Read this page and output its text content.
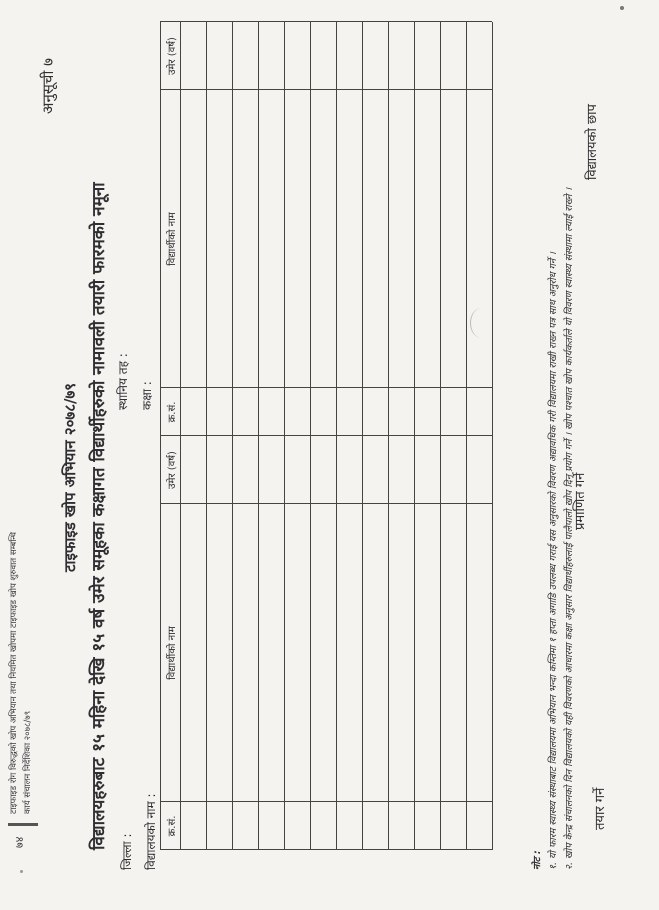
७४
टाइफाइड रोग विरुद्धको खोप अभियान तथा नियमित खोपमा टाइफाइड खोप शुरुवात सम्बन्धि कार्य संचालन निर्देशिका २०७८/७९
अनुसूची ७
टाइफाइड खोप अभियान २०७८/७९ विद्यालयहरुबाट १५ महिना देखि १५ वर्ष उमेर समूहका कक्षागत विद्यार्थीहरुको नामावली तयारी फारमको नमूना
जिल्ला :
स्थानिय तह :
विद्यालयको नाम :
कक्षा :
क्र.सं.
विद्यार्थीको नाम
उमेर (वर्ष)
क्र.सं.
विद्यार्थीको नाम
उमेर (वर्ष)
नोट : १. यो फारम स्वास्थ्य संस्थाबाट विद्यालयमा अभियान भन्दा कम्तिमा १ हप्ता अगाडि उपलब्ध गराई यस अनुसारको विवरण अद्यावधिक गरी विद्यालयमा राखी राख्न पत्र साथ अनुरोध गर्ने । २. खोप केन्द्र संचालनको दिन विद्यालयको यही विवरणको आधारमा कक्षा अनुसार विद्यार्थीहरुलाई पालैपालो खोप दिन प्रयोग गर्ने । खोप पश्चात खोप कार्यकर्ताले यो विवरण स्वास्थ्य संस्थामा ल्याई राख्ने । तयार गर्ने
प्रमाणित गर्ने
विद्यालयको छाप
